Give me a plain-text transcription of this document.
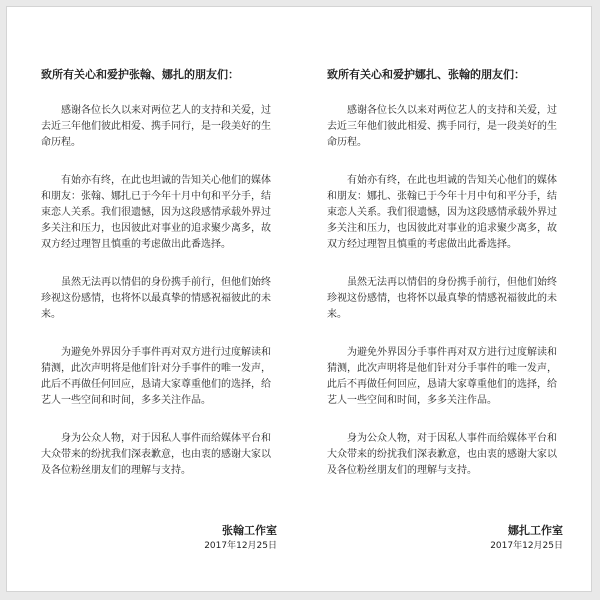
致所有关心和爱护张翰、娜扎的朋友们：

感谢各位长久以来对两位艺人的支持和关爱，过去近三年他们彼此相爱、携手同行，是一段美好的生命历程。

有始亦有终，在此也坦诚的告知关心他们的媒体和朋友：张翰、娜扎已于今年十月中旬和平分手，结束恋人关系。我们很遗憾，因为这段感情承载外界过多关注和压力，也因彼此对事业的追求聚少离多，故双方经过理智且慎重的考虑做出此番选择。

虽然无法再以情侣的身份携手前行，但他们始终珍视这份感情，也将怀以最真挚的情感祝福彼此的未来。

为避免外界因分手事件再对双方进行过度解读和猜测，此次声明将是他们针对分手事件的唯一发声，此后不再做任何回应，恳请大家尊重他们的选择，给艺人一些空间和时间，多多关注作品。

身为公众人物，对于因私人事件而给媒体平台和大众带来的纷扰我们深表歉意，也由衷的感谢大家以及各位粉丝朋友们的理解与支持。

张翰工作室
2017年12月25日

致所有关心和爱护娜扎、张翰的朋友们：

感谢各位长久以来对两位艺人的支持和关爱，过去近三年他们彼此相爱、携手同行，是一段美好的生命历程。

有始亦有终，在此也坦诚的告知关心他们的媒体和朋友：娜扎、张翰已于今年十月中旬和平分手，结束恋人关系。我们很遗憾，因为这段感情承载外界过多关注和压力，也因彼此对事业的追求聚少离多，故双方经过理智且慎重的考虑做出此番选择。

虽然无法再以情侣的身份携手前行，但他们始终珍视这份感情，也将怀以最真挚的情感祝福彼此的未来。

为避免外界因分手事件再对双方进行过度解读和猜测，此次声明将是他们针对分手事件的唯一发声，此后不再做任何回应，恳请大家尊重他们的选择，给艺人一些空间和时间，多多关注作品。

身为公众人物，对于因私人事件而给媒体平台和大众带来的纷扰我们深表歉意，也由衷的感谢大家以及各位粉丝朋友们的理解与支持。

娜扎工作室
2017年12月25日
